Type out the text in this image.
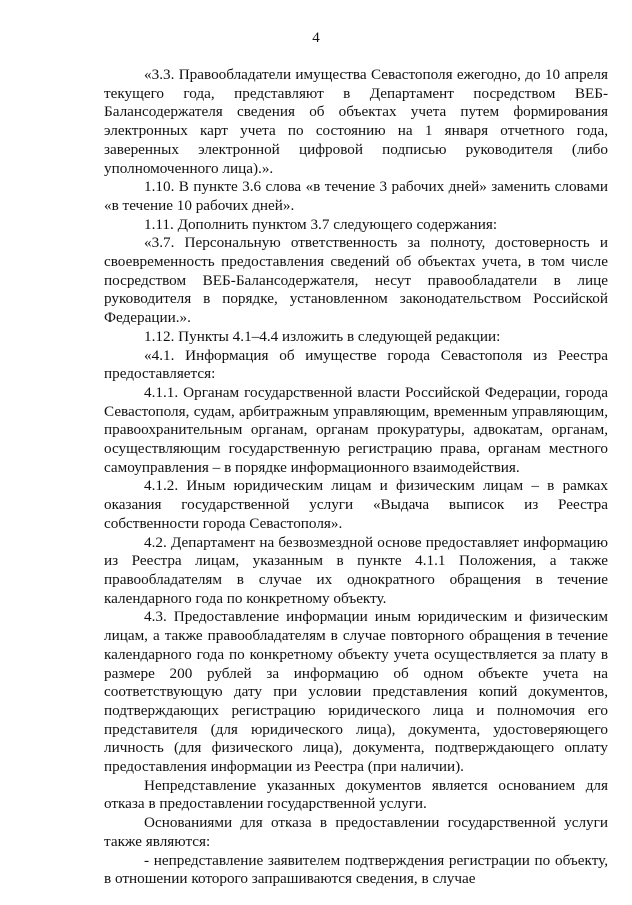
4

«3.3. Правообладатели имущества Севастополя ежегодно, до 10 апреля текущего года, представляют в Департамент посредством ВЕБ-Балансодержателя сведения об объектах учета путем формирования электронных карт учета по состоянию на 1 января отчетного года, заверенных электронной цифровой подписью руководителя (либо уполномоченного лица).».

1.10. В пункте 3.6 слова «в течение 3 рабочих дней» заменить словами «в течение 10 рабочих дней».

1.11. Дополнить пунктом 3.7 следующего содержания:

«3.7. Персональную ответственность за полноту, достоверность и своевременность предоставления сведений об объектах учета, в том числе посредством ВЕБ-Балансодержателя, несут правообладатели в лице руководителя в порядке, установленном законодательством Российской Федерации.».

1.12. Пункты 4.1–4.4 изложить в следующей редакции:

«4.1. Информация об имуществе города Севастополя из Реестра предоставляется:

4.1.1. Органам государственной власти Российской Федерации, города Севастополя, судам, арбитражным управляющим, временным управляющим, правоохранительным органам, органам прокуратуры, адвокатам, органам, осуществляющим государственную регистрацию права, органам местного самоуправления – в порядке информационного взаимодействия.

4.1.2. Иным юридическим лицам и физическим лицам – в рамках оказания государственной услуги «Выдача выписок из Реестра собственности города Севастополя».

4.2. Департамент на безвозмездной основе предоставляет информацию из Реестра лицам, указанным в пункте 4.1.1 Положения, а также правообладателям в случае их однократного обращения в течение календарного года по конкретному объекту.

4.3. Предоставление информации иным юридическим и физическим лицам, а также правообладателям в случае повторного обращения в течение календарного года по конкретному объекту учета осуществляется за плату в размере 200 рублей за информацию об одном объекте учета на соответствующую дату при условии представления копий документов, подтверждающих регистрацию юридического лица и полномочия его представителя (для юридического лица), документа, удостоверяющего личность (для физического лица), документа, подтверждающего оплату предоставления информации из Реестра (при наличии).

Непредставление указанных документов является основанием для отказа в предоставлении государственной услуги.

Основаниями для отказа в предоставлении государственной услуги также являются:

- непредставление заявителем подтверждения регистрации по объекту, в отношении которого запрашиваются сведения, в случае
